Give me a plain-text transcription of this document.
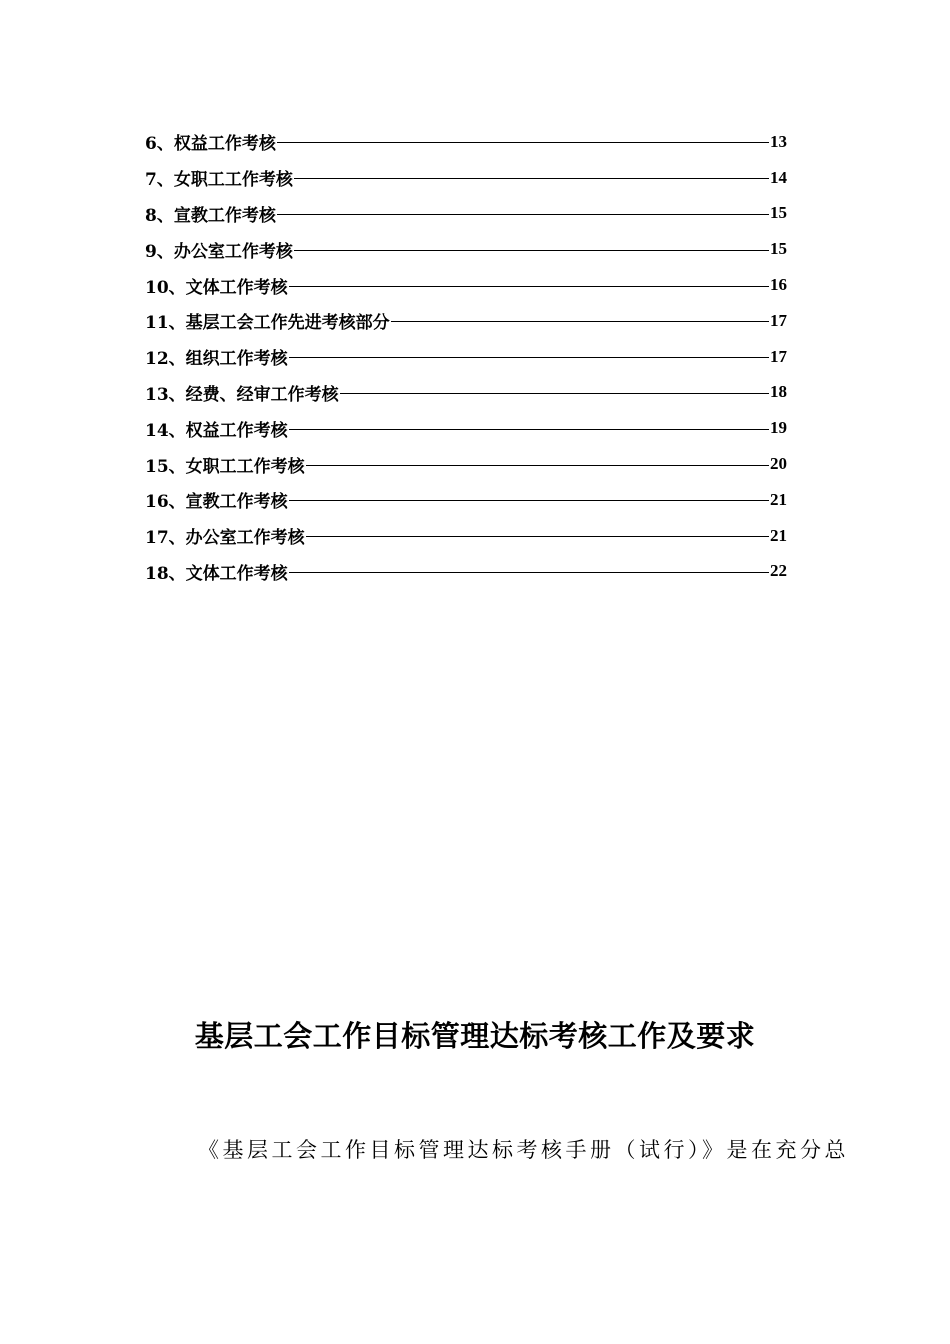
6、权益工作考核	13
7、女职工工作考核	14
8、宣教工作考核	15
9、办公室工作考核	15
10、文体工作考核	16
11、基层工会工作先进考核部分	17
12、组织工作考核	17
13、经费、经审工作考核	18
14、权益工作考核	19
15、女职工工作考核	20
16、宣教工作考核	21
17、办公室工作考核	21
18、文体工作考核	22
基层工会工作目标管理达标考核工作及要求

《基层工会工作目标管理达标考核手册（试行）》是在充分总
